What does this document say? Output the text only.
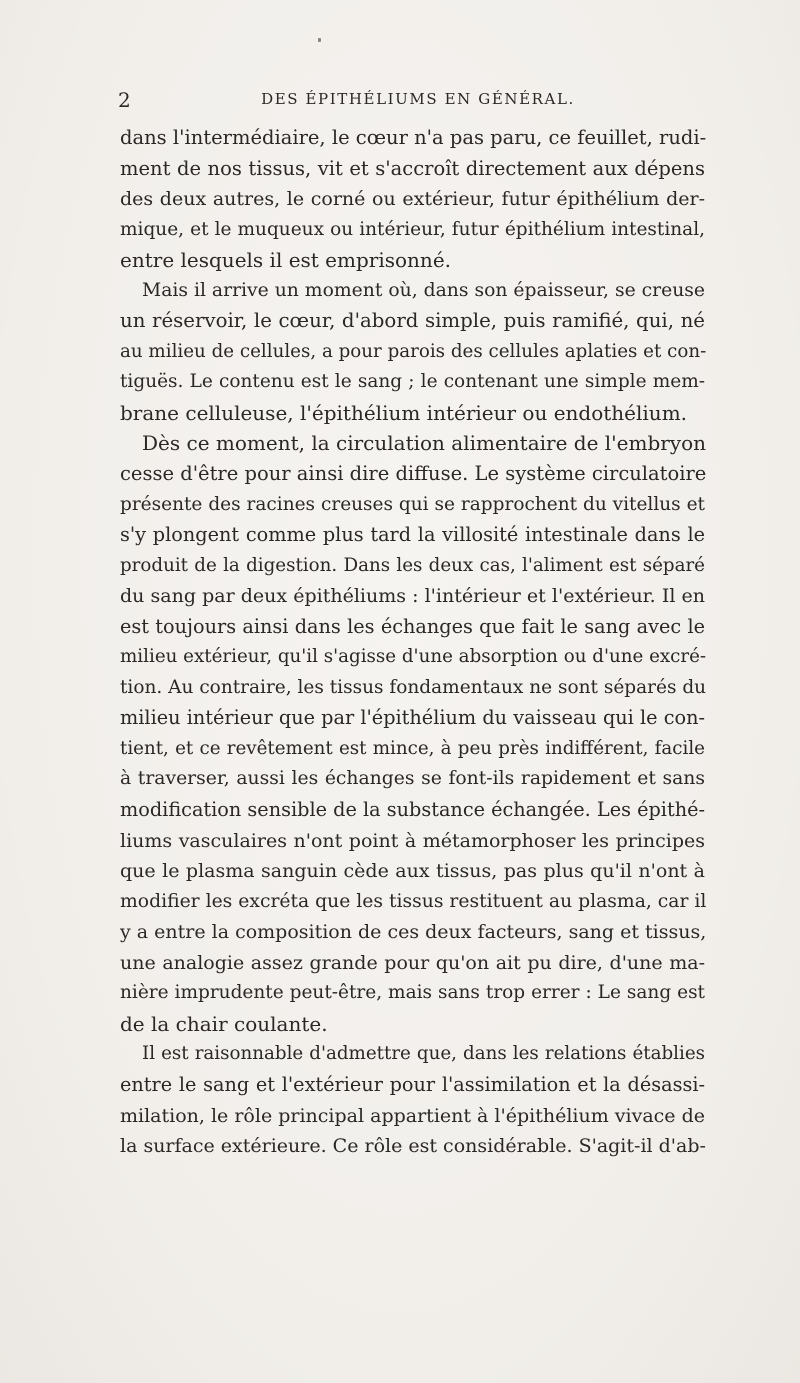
2	DES ÉPITHÉLIUMS EN GÉNÉRAL.
dans l'intermédiaire, le cœur n'a pas paru, ce feuillet, rudi-
ment de nos tissus, vit et s'accroît directement aux dépens
des deux autres, le corné ou extérieur, futur épithélium der-
mique, et le muqueux ou intérieur, futur épithélium intestinal,
entre lesquels il est emprisonné.
Mais il arrive un moment où, dans son épaisseur, se creuse
un réservoir, le cœur, d'abord simple, puis ramifié, qui, né
au milieu de cellules, a pour parois des cellules aplaties et con-
tiguës. Le contenu est le sang ; le contenant une simple mem-
brane celluleuse, l'épithélium intérieur ou endothélium.
Dès ce moment, la circulation alimentaire de l'embryon
cesse d'être pour ainsi dire diffuse. Le système circulatoire
présente des racines creuses qui se rapprochent du vitellus et
s'y plongent comme plus tard la villosité intestinale dans le
produit de la digestion. Dans les deux cas, l'aliment est séparé
du sang par deux épithéliums : l'intérieur et l'extérieur. Il en
est toujours ainsi dans les échanges que fait le sang avec le
milieu extérieur, qu'il s'agisse d'une absorption ou d'une excré-
tion. Au contraire, les tissus fondamentaux ne sont séparés du
milieu intérieur que par l'épithélium du vaisseau qui le con-
tient, et ce revêtement est mince, à peu près indifférent, facile
à traverser, aussi les échanges se font-ils rapidement et sans
modification sensible de la substance échangée. Les épithé-
liums vasculaires n'ont point à métamorphoser les principes
que le plasma sanguin cède aux tissus, pas plus qu'il n'ont à
modifier les excréta que les tissus restituent au plasma, car il
y a entre la composition de ces deux facteurs, sang et tissus,
une analogie assez grande pour qu'on ait pu dire, d'une ma-
nière imprudente peut-être, mais sans trop errer : Le sang est
de la chair coulante.
Il est raisonnable d'admettre que, dans les relations établies
entre le sang et l'extérieur pour l'assimilation et la désassi-
milation, le rôle principal appartient à l'épithélium vivace de
la surface extérieure. Ce rôle est considérable. S'agit-il d'ab-
